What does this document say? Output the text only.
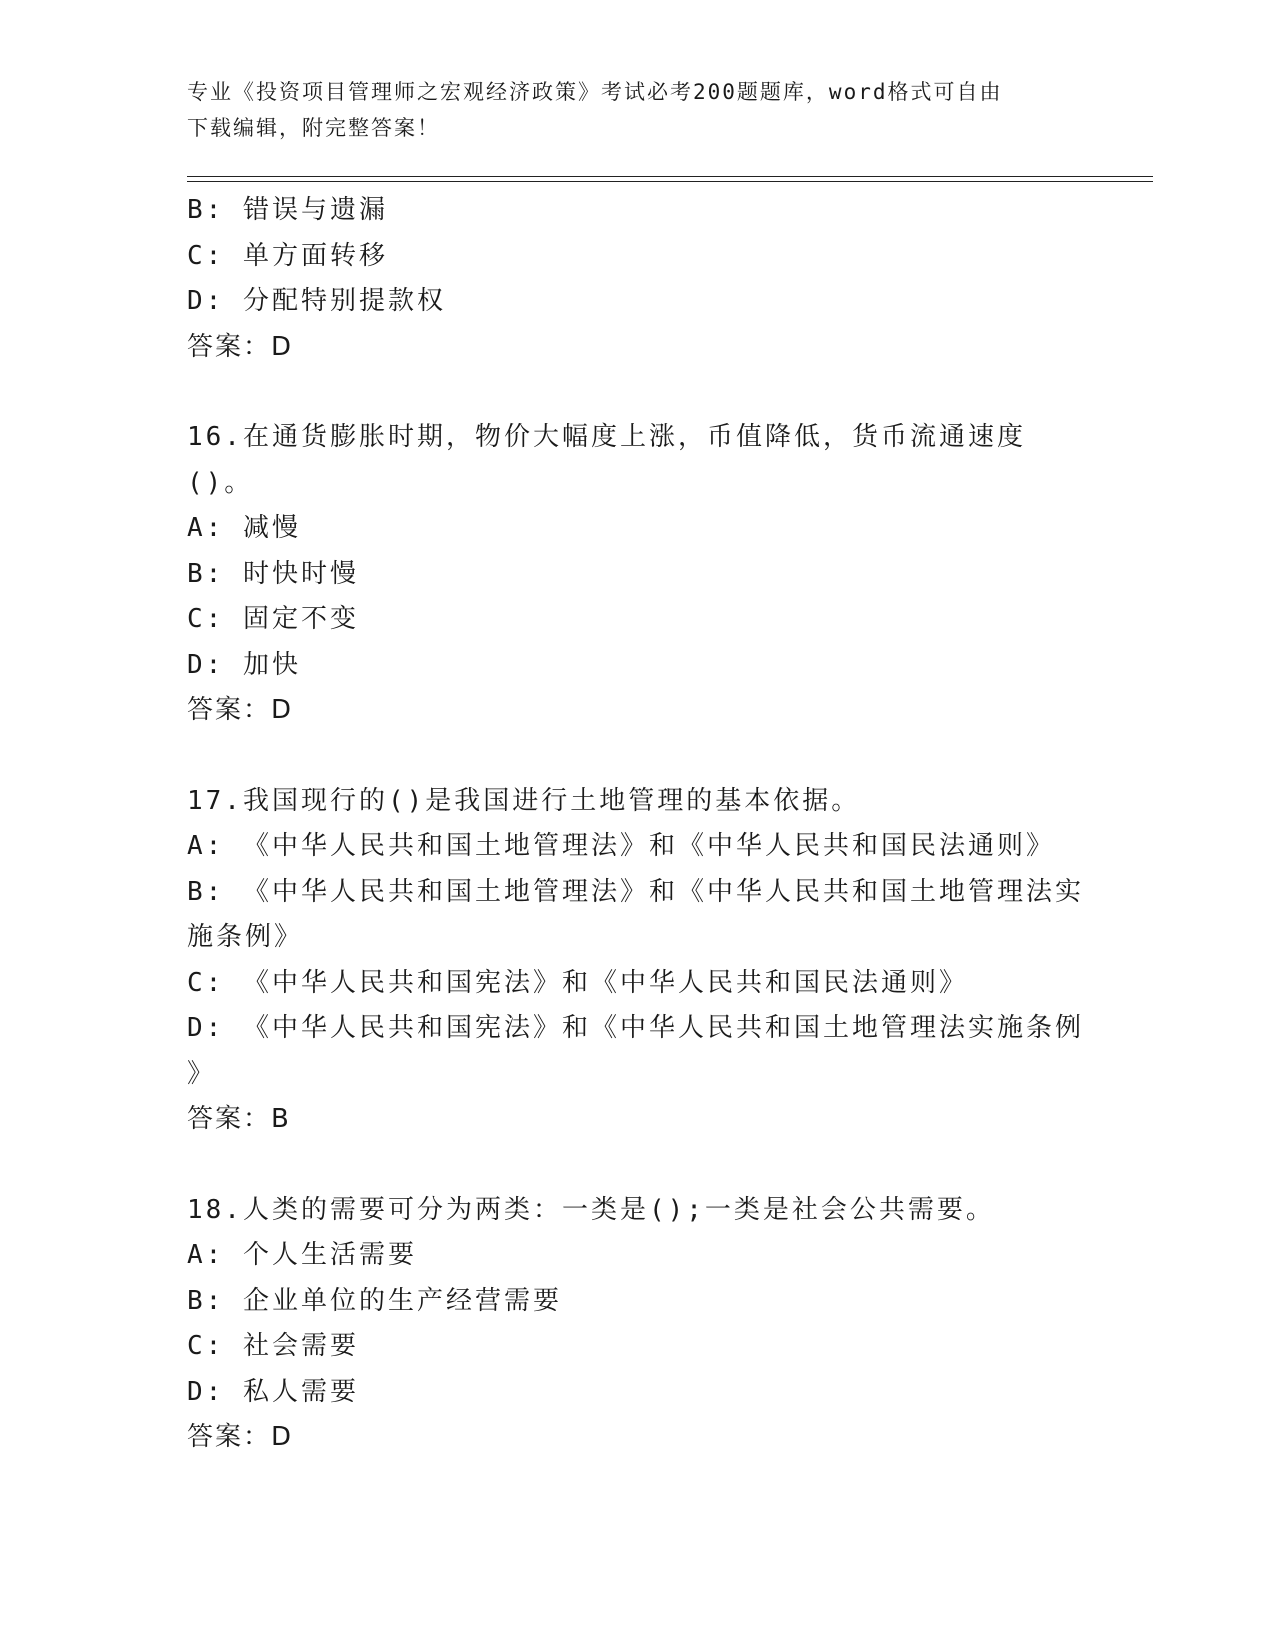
专业《投资项目管理师之宏观经济政策》考试必考200题题库，word格式可自由
下载编辑，附完整答案！
B: 错误与遗漏
C: 单方面转移
D: 分配特别提款权
答案：D
16.在通货膨胀时期，物价大幅度上涨，币值降低，货币流通速度()。
A: 减慢
B: 时快时慢
C: 固定不变
D: 加快
答案：D
17.我国现行的()是我国进行土地管理的基本依据。
A: 《中华人民共和国土地管理法》和《中华人民共和国民法通则》
B: 《中华人民共和国土地管理法》和《中华人民共和国土地管理法实
施条例》
C: 《中华人民共和国宪法》和《中华人民共和国民法通则》
D: 《中华人民共和国宪法》和《中华人民共和国土地管理法实施条例
》
答案：B
18.人类的需要可分为两类：一类是();一类是社会公共需要。
A: 个人生活需要
B: 企业单位的生产经营需要
C: 社会需要
D: 私人需要
答案：D
